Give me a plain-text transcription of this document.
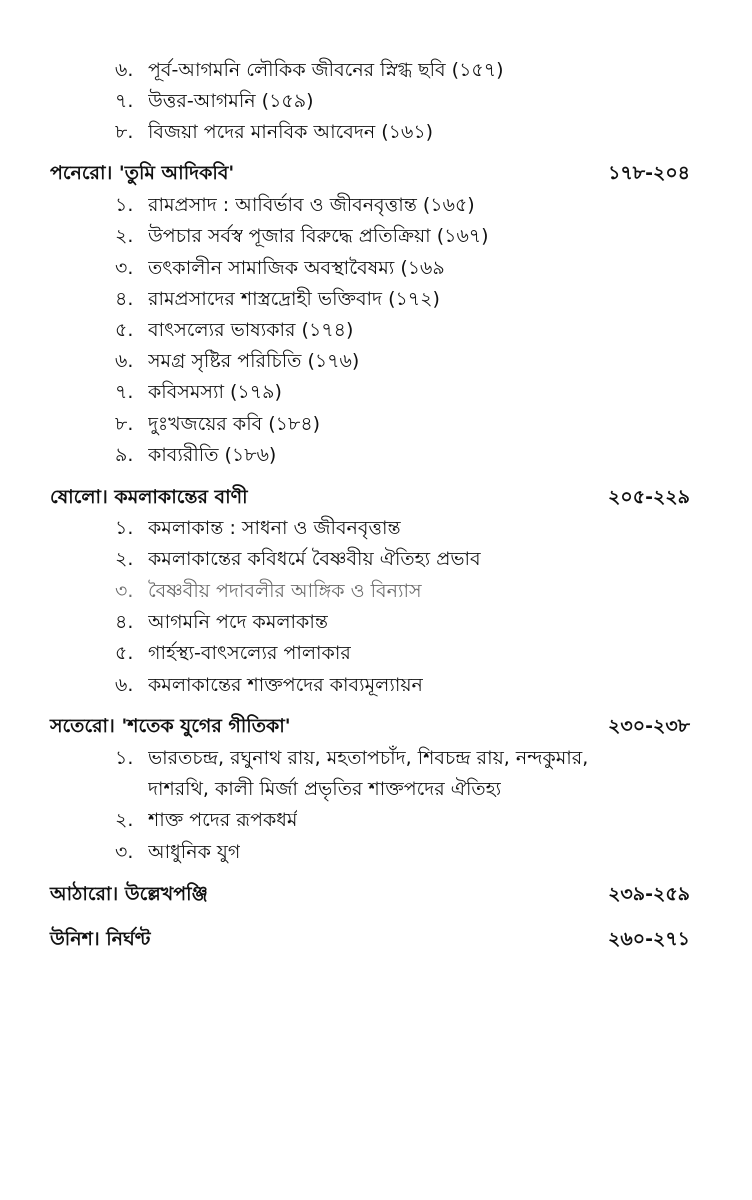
৬. পূর্ব-আগমনি লৌকিক জীবনের স্নিগ্ধ ছবি (১৫৭)
৭. উত্তর-আগমনি (১৫৯)
৮. বিজয়া পদের মানবিক আবেদন (১৬১)
পনেরো। 'তুমি আদিকবি'	১৭৮-২০৪
১. রামপ্রসাদ : আবির্ভাব ও জীবনবৃত্তান্ত (১৬৫)
২. উপচার সর্বস্ব পূজার বিরুদ্ধে প্রতিক্রিয়া (১৬৭)
৩. তৎকালীন সামাজিক অবস্থাবৈষম্য (১৬৯
৪. রামপ্রসাদের শাস্ত্রদ্রোহী ভক্তিবাদ (১৭২)
৫. বাৎসল্যের ভাষ্যকার (১৭৪)
৬. সমগ্র সৃষ্টির পরিচিতি (১৭৬)
৭. কবিসমস্যা (১৭৯)
৮. দুঃখজয়ের কবি (১৮৪)
৯. কাব্যরীতি (১৮৬)
ষোলো। কমলাকান্তের বাণী	২০৫-২২৯
১. কমলাকান্ত : সাধনা ও জীবনবৃত্তান্ত
২. কমলাকান্তের কবিধর্মে বৈষ্ণবীয় ঐতিহ্য প্রভাব
৩. বৈষ্ণবীয় পদাবলীর আঙ্গিক ও বিন্যাস
৪. আগমনি পদে কমলাকান্ত
৫. গার্হস্থ্য-বাৎসল্যের পালাকার
৬. কমলাকান্তের শাক্তপদের কাব্যমূল্যায়ন
সতেরো। 'শতেক যুগের গীতিকা'	২৩০-২৩৮
১. ভারতচন্দ্র, রঘুনাথ রায়, মহতাপচাঁদ, শিবচন্দ্র রায়, নন্দকুমার,
দাশরথি, কালী মির্জা প্রভৃতির শাক্তপদের ঐতিহ্য
২. শাক্ত পদের রূপকধর্ম
৩. আধুনিক যুগ
আঠারো। উল্লেখপঞ্জি	২৩৯-২৫৯
উনিশ। নির্ঘণ্ট	২৬০-২৭১
